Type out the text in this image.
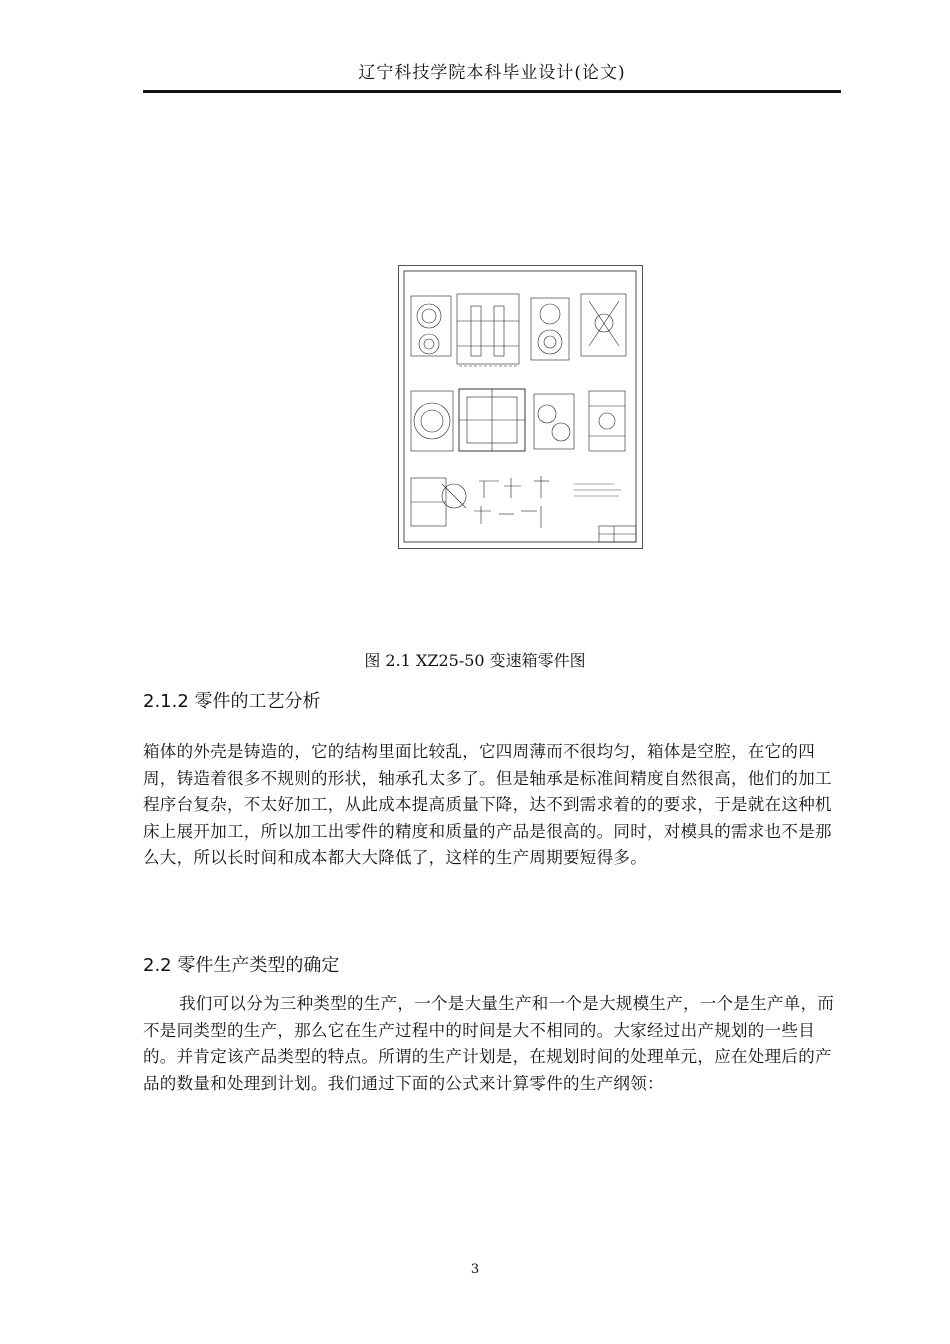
辽宁科技学院本科毕业设计(论文)
图 2.1 XZ25-50 变速箱零件图
2.1.2 零件的工艺分析

箱体的外壳是铸造的，它的结构里面比较乱，它四周薄而不很均匀，箱体是空腔，在它的四周，铸造着很多不规则的形状，轴承孔太多了。但是轴承是标准间精度自然很高，他们的加工程序台复杂，不太好加工，从此成本提高质量下降，达不到需求着的的要求，于是就在这种机床上展开加工，所以加工出零件的精度和质量的产品是很高的。同时，对模具的需求也不是那么大，所以长时间和成本都大大降低了，这样的生产周期要短得多。

2.2 零件生产类型的确定

我们可以分为三种类型的生产，一个是大量生产和一个是大规模生产，一个是生产单，而不是同类型的生产，那么它在生产过程中的时间是大不相同的。大家经过出产规划的一些目的。并肯定该产品类型的特点。所谓的生产计划是，在规划时间的处理单元，应在处理后的产品的数量和处理到计划。我们通过下面的公式来计算零件的生产纲领：

3
